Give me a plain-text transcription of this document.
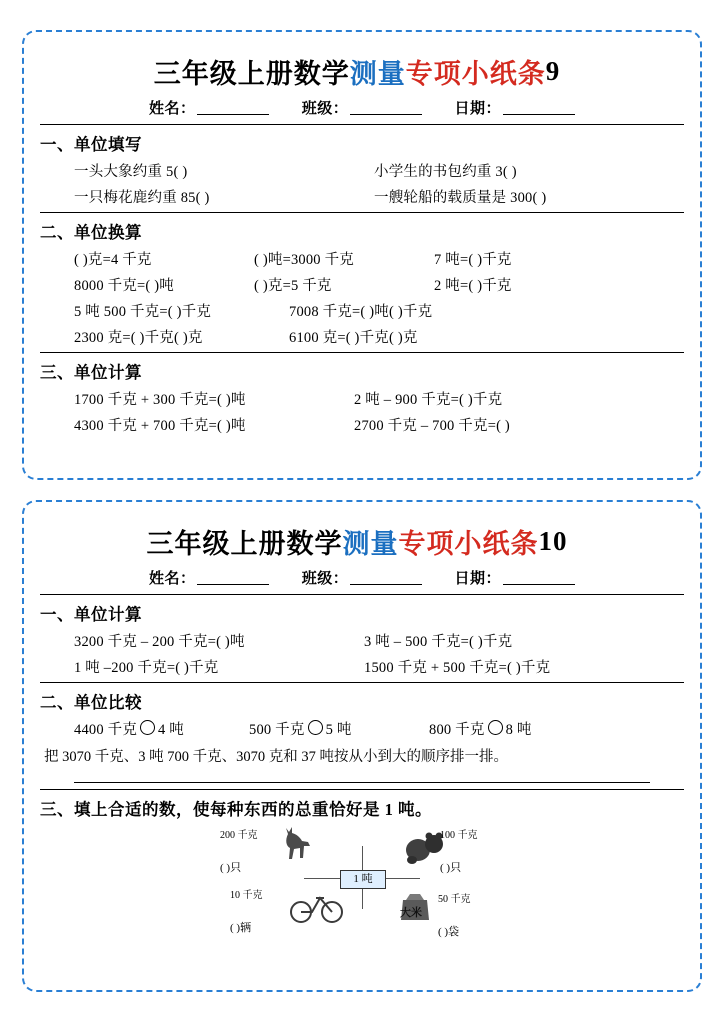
三年级上册数学测量专项小纸条9
姓名：	班级：	日期：
一、单位填写
一头大象约重 5( )	小学生的书包约重 3( )
一只梅花鹿约重 85( )	一艘轮船的载质量是 300( )
二、单位换算
( )克=4 千克	( )吨=3000 千克	7 吨=( )千克
8000 千克=( )吨	( )克=5 千克	2 吨=( )千克
5 吨 500 千克=( )千克	7008 千克=( )吨( )千克
2300 克=( )千克( )克	6100 克=( )千克( )克
三、单位计算
1700 千克 + 300 千克=( )吨	2 吨 – 900 千克=( )千克
4300 千克 + 700 千克=( )吨	2700 千克 – 700 千克=( )
三年级上册数学测量专项小纸条10
姓名：	班级：	日期：
一、单位计算
3200 千克 – 200 千克=( )吨	3 吨 – 500 千克=( )千克
1 吨 –200 千克=( )千克	1500 千克 + 500 千克=( )千克
二、单位比较
4400 千克 4 吨	500 千克 5 吨	800 千克 8 吨
把 3070 千克、3 吨 700 千克、3070 克和 37 吨按从小到大的顺序排一排。
三、填上合适的数，使每种东西的总重恰好是 1 吨。
1 吨
200 千克
( )只
100 千克
( )只
10 千克
( )辆
大米
50 千克
( )袋
